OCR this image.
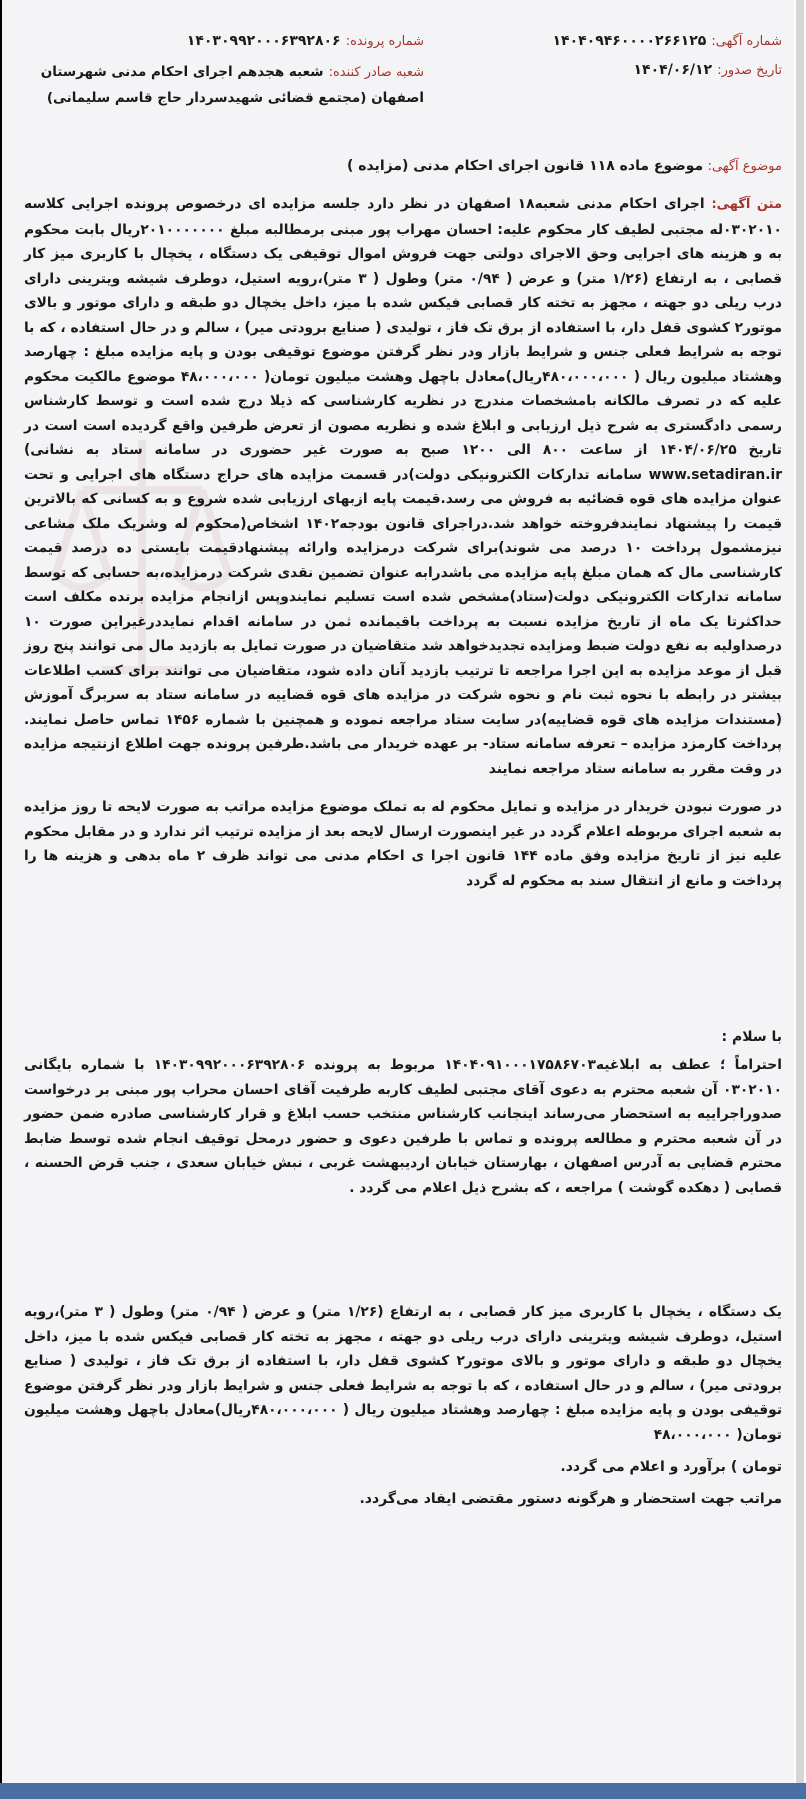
شماره آگهی: ۱۴۰۴۰۹۴۶۰۰۰۰۲۶۶۱۲۵
شماره پرونده: ۱۴۰۳۰۹۹۲۰۰۰۶۳۹۲۸۰۶
تاریخ صدور: ۱۴۰۴/۰۶/۱۲
شعبه صادر کننده: شعبه هجدهم اجرای احکام مدنی شهرستان اصفهان (مجتمع قضائی شهیدسردار حاج قاسم سلیمانی)
موضوع آگهی: موضوع ماده ۱۱۸ قانون اجرای احکام مدنی (مزایده )

متن آگهی: اجرای احکام مدنی شعبه۱۸ اصفهان در نظر دارد جلسه مزایده ای درخصوص پرونده اجرایی کلاسه ۰۳۰۲۰۱۰له مجتبی لطیف کار محکوم علیه: احسان مهراب پور مبنی برمطالبه مبلغ ۲۰۱۰۰۰۰۰۰۰ریال بابت محکوم به و هزینه های اجرایی وحق الاجرای دولتی جهت فروش اموال توقیفی یک دستگاه ، یخچال با کاربری میز کار قصابی ، به ارتفاع (۱/۲۶ متر) و عرض ( ۰/۹۴ متر) وطول ( ۳ متر)،رویه استیل، دوطرف شیشه ویترینی دارای درب ریلی دو جهته ، مجهز به تخته کار قصابی فیکس شده با میز، داخل یخچال دو طبقه و دارای موتور و بالای موتور۲ کشوی قفل دار، با استفاده از برق تک فاز ، تولیدی ( صنایع برودتی میر) ، سالم و در حال استفاده ، که با توجه به شرایط فعلی جنس و شرایط بازار ودر نظر گرفتن موضوع توقیفی بودن و پایه مزایده مبلغ : چهارصد وهشتاد میلیون ریال ( ۴۸۰،۰۰۰،۰۰۰ریال)معادل باچهل وهشت میلیون تومان( ۴۸،۰۰۰،۰۰۰ موضوع مالکیت محکوم علیه که در تصرف مالکانه بامشخصات مندرج در نظریه کارشناسی که ذیلا درج شده است و توسط کارشناس رسمی دادگستری به شرح ذیل ارزیابی و ابلاغ شده و نظریه مصون از تعرض طرفین واقع گردیده است است در تاریخ ۱۴۰۴/۰۶/۲۵ از ساعت ۸۰۰ الی ۱۲۰۰ صبح به صورت غیر حضوری در سامانه ستاد به نشانی) www.setadiran.ir سامانه تدارکات الکترونیکی دولت)در قسمت مزایده های حراج دستگاه های اجرایی و تحت عنوان مزایده های قوه قضائیه به فروش می رسد.قیمت پایه ازبهای ارزیابی شده شروع و به کسانی که بالاترین قیمت را پیشنهاد نمایندفروخته خواهد شد.دراجرای قانون بودجه۱۴۰۲ اشخاص(محکوم له وشریک ملک مشاعی نیزمشمول پرداخت ۱۰ درصد می شوند)برای شرکت درمزایده وارائه پیشنهادقیمت بایستی ده درصد قیمت کارشناسی مال که همان مبلغ پایه مزایده می باشدرابه عنوان تضمین نقدی شرکت درمزایده،به حسابی که توسط سامانه تدارکات الکترونیکی دولت(ستاد)مشخص شده است تسلیم نمایندوپس ازانجام مزایده برنده مکلف است حداکثرتا یک ماه از تاریخ مزایده نسبت به پرداخت باقیمانده ثمن در سامانه اقدام نمایددرغیراین صورت ۱۰ درصداولیه به نفع دولت ضبط ومزایده تجدیدخواهد شد متقاضیان در صورت تمایل به بازدید مال می توانند پنج روز قبل از موعد مزایده به این اجرا مراجعه تا ترتیب بازدید آنان داده شود، متقاضیان می توانند برای کسب اطلاعات بیشتر در رابطه با نحوه ثبت نام و نحوه شرکت در مزایده های قوه قضاییه در سامانه ستاد به سربرگ آموزش (مستندات مزایده های قوه قضاییه)در سایت ستاد مراجعه نموده و همچنین با شماره ۱۴۵۶ تماس حاصل نمایند. پرداخت کارمزد مزایده – تعرفه سامانه ستاد- بر عهده خریدار می باشد.طرفین پرونده جهت اطلاع ازنتیجه مزایده در وقت مقرر به سامانه ستاد مراجعه نمایند

در صورت نبودن خریدار در مزایده و تمایل محکوم له به تملک موضوع مزایده مراتب به صورت لایحه تا روز مزایده به شعبه اجرای مربوطه اعلام گردد در غیر اینصورت ارسال لایحه بعد از مزایده ترتیب اثر ندارد و در مقابل محکوم علیه نیز از تاریخ مزایده وفق ماده ۱۴۴ قانون اجرا ی احکام مدنی می تواند ظرف ۲ ماه بدهی و هزینه ها را پرداخت و مانع از انتقال سند به محکوم له گردد

با سلام :

احتراماً ؛ عطف به ابلاغیه۱۴۰۴۰۹۱۰۰۰۱۷۵۸۶۷۰۳ مربوط به پرونده ۱۴۰۳۰۹۹۲۰۰۰۶۳۹۲۸۰۶ با شماره بایگانی ۰۳۰۲۰۱۰ آن شعبه محترم به دعوی آقای مجتبی لطیف کاربه طرفیت آقای احسان محراب پور مبنی بر درخواست صدوراجراییه به استحضار می‌رساند اینجانب کارشناس منتخب حسب ابلاغ و قرار کارشناسی صادره ضمن حضور در آن شعبه محترم و مطالعه پرونده و تماس با طرفین دعوی و حضور درمحل توقیف انجام شده توسط ضابط محترم قضایی به آدرس اصفهان ، بهارستان خیابان اردیبهشت غربی ، نبش خیابان سعدی ، جنب قرض الحسنه ، قصابی ( دهکده گوشت ) مراجعه ، که بشرح ذیل اعلام می گردد .

یک دستگاه ، یخچال با کاربری میز کار قصابی ، به ارتفاع (۱/۲۶ متر) و عرض ( ۰/۹۴ متر) وطول ( ۳ متر)،رویه استیل، دوطرف شیشه ویترینی دارای درب ریلی دو جهته ، مجهز به تخته کار قصابی فیکس شده با میز، داخل یخچال دو طبقه و دارای موتور و بالای موتور۲ کشوی قفل دار، با استفاده از برق تک فاز ، تولیدی ( صنایع برودتی میر) ، سالم و در حال استفاده ، که با توجه به شرایط فعلی جنس و شرایط بازار ودر نظر گرفتن موضوع توقیفی بودن و پایه مزایده مبلغ : چهارصد وهشتاد میلیون ریال ( ۴۸۰،۰۰۰،۰۰۰ریال)معادل باچهل وهشت میلیون تومان( ۴۸،۰۰۰،۰۰۰

تومان ) برآورد و اعلام می گردد.

مراتب جهت استحضار و هرگونه دستور مقتضی ایفاد می‌گردد.
